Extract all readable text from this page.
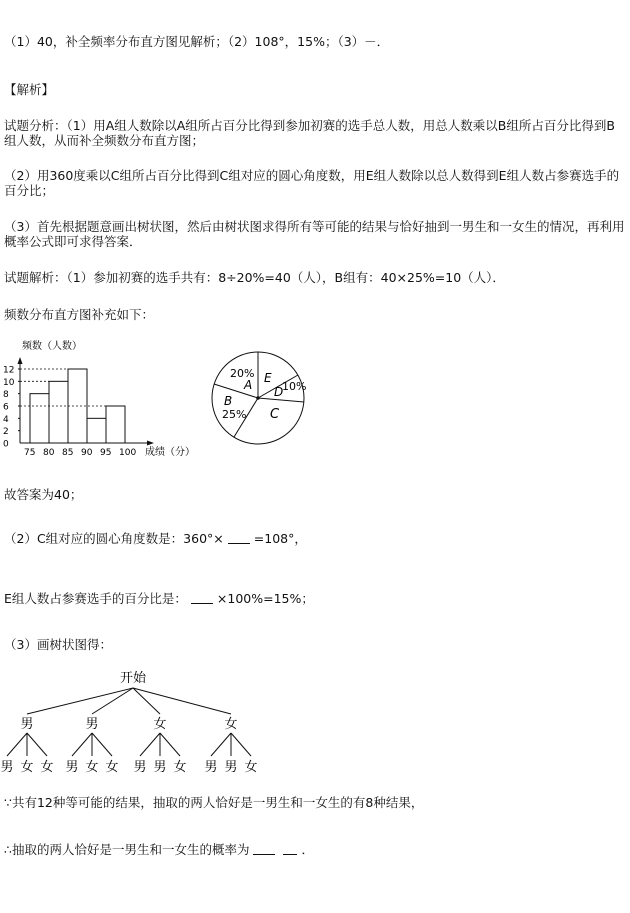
（1）40，补全频率分布直方图见解析；（2）108°，15%；（3）－．
【解析】
试题分析：（1）用A组人数除以A组所占百分比得到参加初赛的选手总人数，用总人数乘以B组所占百分比得到B组人数，从而补全频数分布直方图；
（2）用360度乘以C组所占百分比得到C组对应的圆心角度数，用E组人数除以总人数得到E组人数占参赛选手的百分比；
（3）首先根据题意画出树状图，然后由树状图求得所有等可能的结果与恰好抽到一男生和一女生的情况，再利用概率公式即可求得答案．
试题解析：（1）参加初赛的选手共有：8÷20%=40（人），B组有：40×25%=10（人）．
频数分布直方图补充如下：
频数（人数）
成绩（分）
0
2
4
6
8
10
12
75 80 85 90 95 100
20%
A
B
25% C
D
10%
E
故答案为40；
（2）C组对应的圆心角度数是：360°× =108°，
E组人数占参赛选手的百分比是： ×100%=15%；
（3）画树状图得：
开始
男
男 女 女
男
男 女 女
女
男 男 女
女
男 男 女
∵共有12种等可能的结果，抽取的两人恰好是一男生和一女生的有8种结果，
∴抽取的两人恰好是一男生和一女生的概率为	．
